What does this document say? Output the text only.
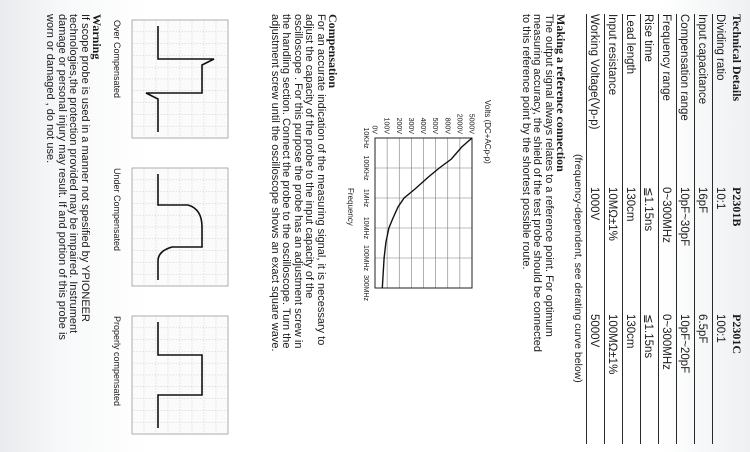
Technical Details
P2301B
P2301C
Dividing ratio
10:1
100:1
Input capacitance
16pF
6.5pF
Compensation range
10pF~30pF
10pF~20pF
Frequency range
0~300MHz
0~300MHz
Rise time
≦1.15ns
≦1.15ns
Lead length
130cm
130cm
Input resistance
10MΩ±1%
100MΩ±1%
Working Voltage(Vp-p)
1000V
5000V
(frequency-dependent, see derating curve below)
Making a reference connection
The output signal always relates to a reference point. For optimum
measuring accuracy, the shield of the test probe should be connected
to this reference point by the shortest possible route.
Volts (DC+ACp-p)
0V 100V 200V 300V 400V 500V 800V 2000V 5000V
10KHz
100KHz
1MHz
10MHz
100MHz
300MHz
Frequency
Compensation
For an accurate indication of the measuring signal, it is necessary to
adjust the capacity of the probe to the input capacity of the
oscilloscope . For this purpose the probe has an adjustment screw in
the handling section. Connect the probe to the oscilloscope. Turn the
adjustment screw until the oscilloscope shows an exact square wave.
Over Compensated
Under Compensated
Properly compensated
Warning
If scope probe is used in a manner not spesified by YPIONEER
technologies,the protection provided may be impaired. Instrument
damage or personal injury may result. If and portion of this probe is
worn or damaged , do not use.
